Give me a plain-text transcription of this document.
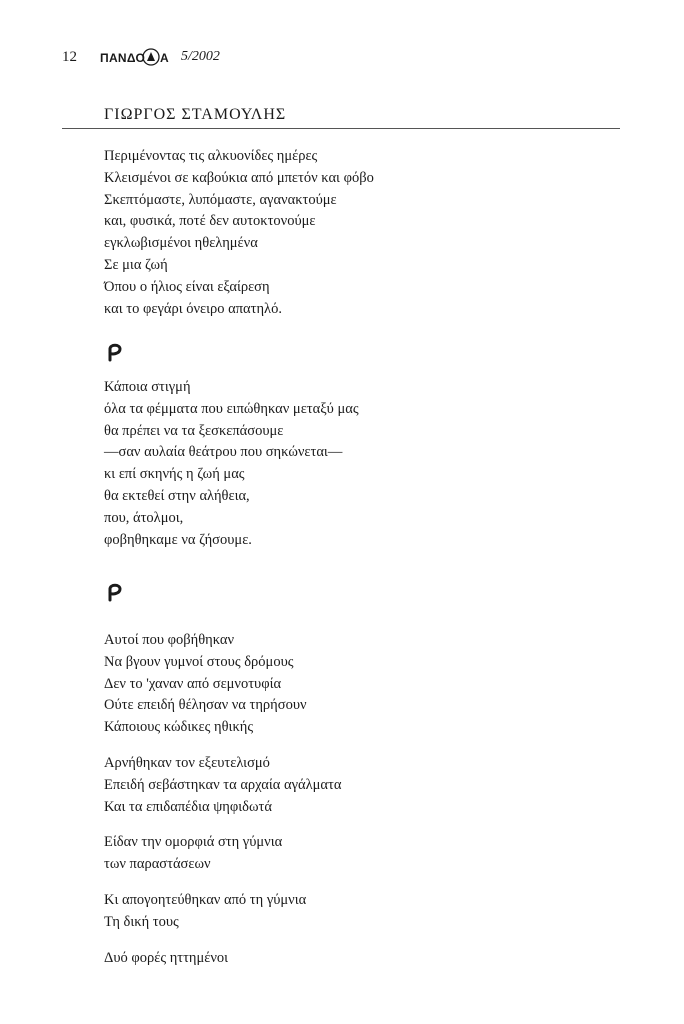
12 ΠΑΝΔΟ Α 5/2002
ΓΙΩΡΓΟΣ ΣΤΑΜΟΥΛΗΣ
Περιμένοντας τις αλκυονίδες ημέρες
Κλεισμένοι σε καβούκια από μπετόν και φόβο
Σκεπτόμαστε, λυπόμαστε, αγανακτούμε
και, φυσικά, ποτέ δεν αυτοκτονούμε
εγκλωβισμένοι ηθελημένα
Σε μια ζωή
Όπου ο ήλιος είναι εξαίρεση
και το φεγάρι όνειρο απατηλό.
Κάποια στιγμή
όλα τα φέμματα που ειπώθηκαν μεταξύ μας
θα πρέπει να τα ξεσκεπάσουμε
—σαν αυλαία θεάτρου που σηκώνεται—
κι επί σκηνής η ζωή μας
θα εκτεθεί στην αλήθεια,
που, άτολμοι,
φοβηθηκαμε να ζήσουμε.
Αυτοί που φοβήθηκαν
Να βγουν γυμνοί στους δρόμους
Δεν το 'χαναν από σεμνοτυφία
Ούτε επειδή θέλησαν να τηρήσουν
Κάποιους κώδικες ηθικής
Αρνήθηκαν τον εξευτελισμό
Επειδή σεβάστηκαν τα αρχαία αγάλματα
Και τα επιδαπέδια ψηφιδωτά
Είδαν την ομορφιά στη γύμνια
των παραστάσεων
Κι απογοητεύθηκαν από τη γύμνια
Τη δική τους
Δυό φορές ηττημένοι
